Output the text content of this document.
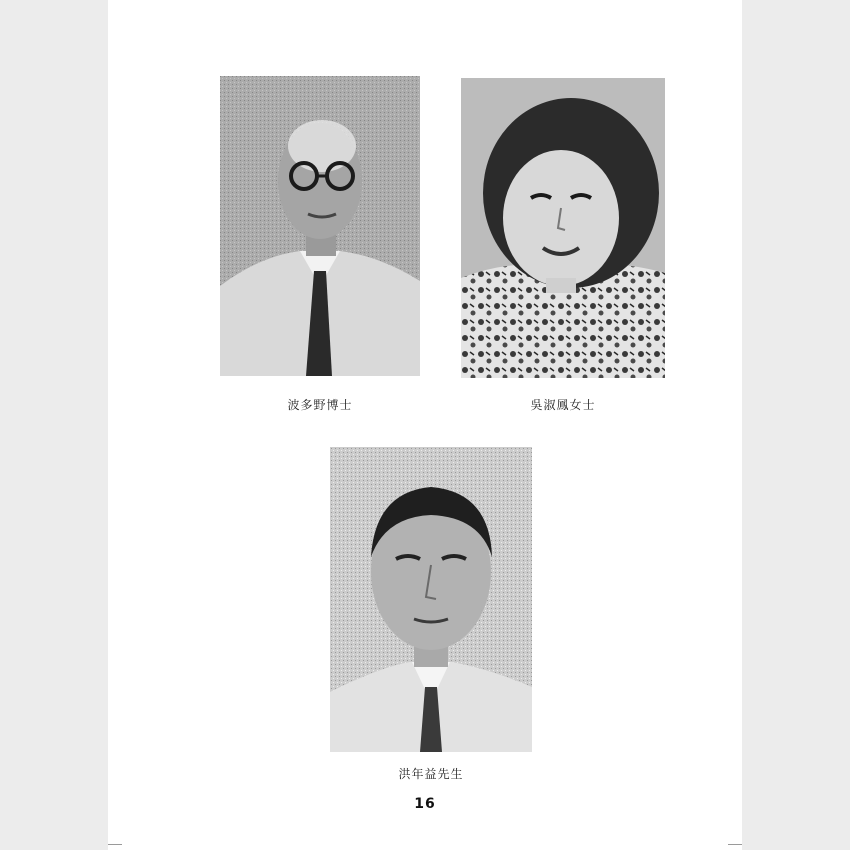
波多野博士	吳淑鳳女士
洪年益先生
16
